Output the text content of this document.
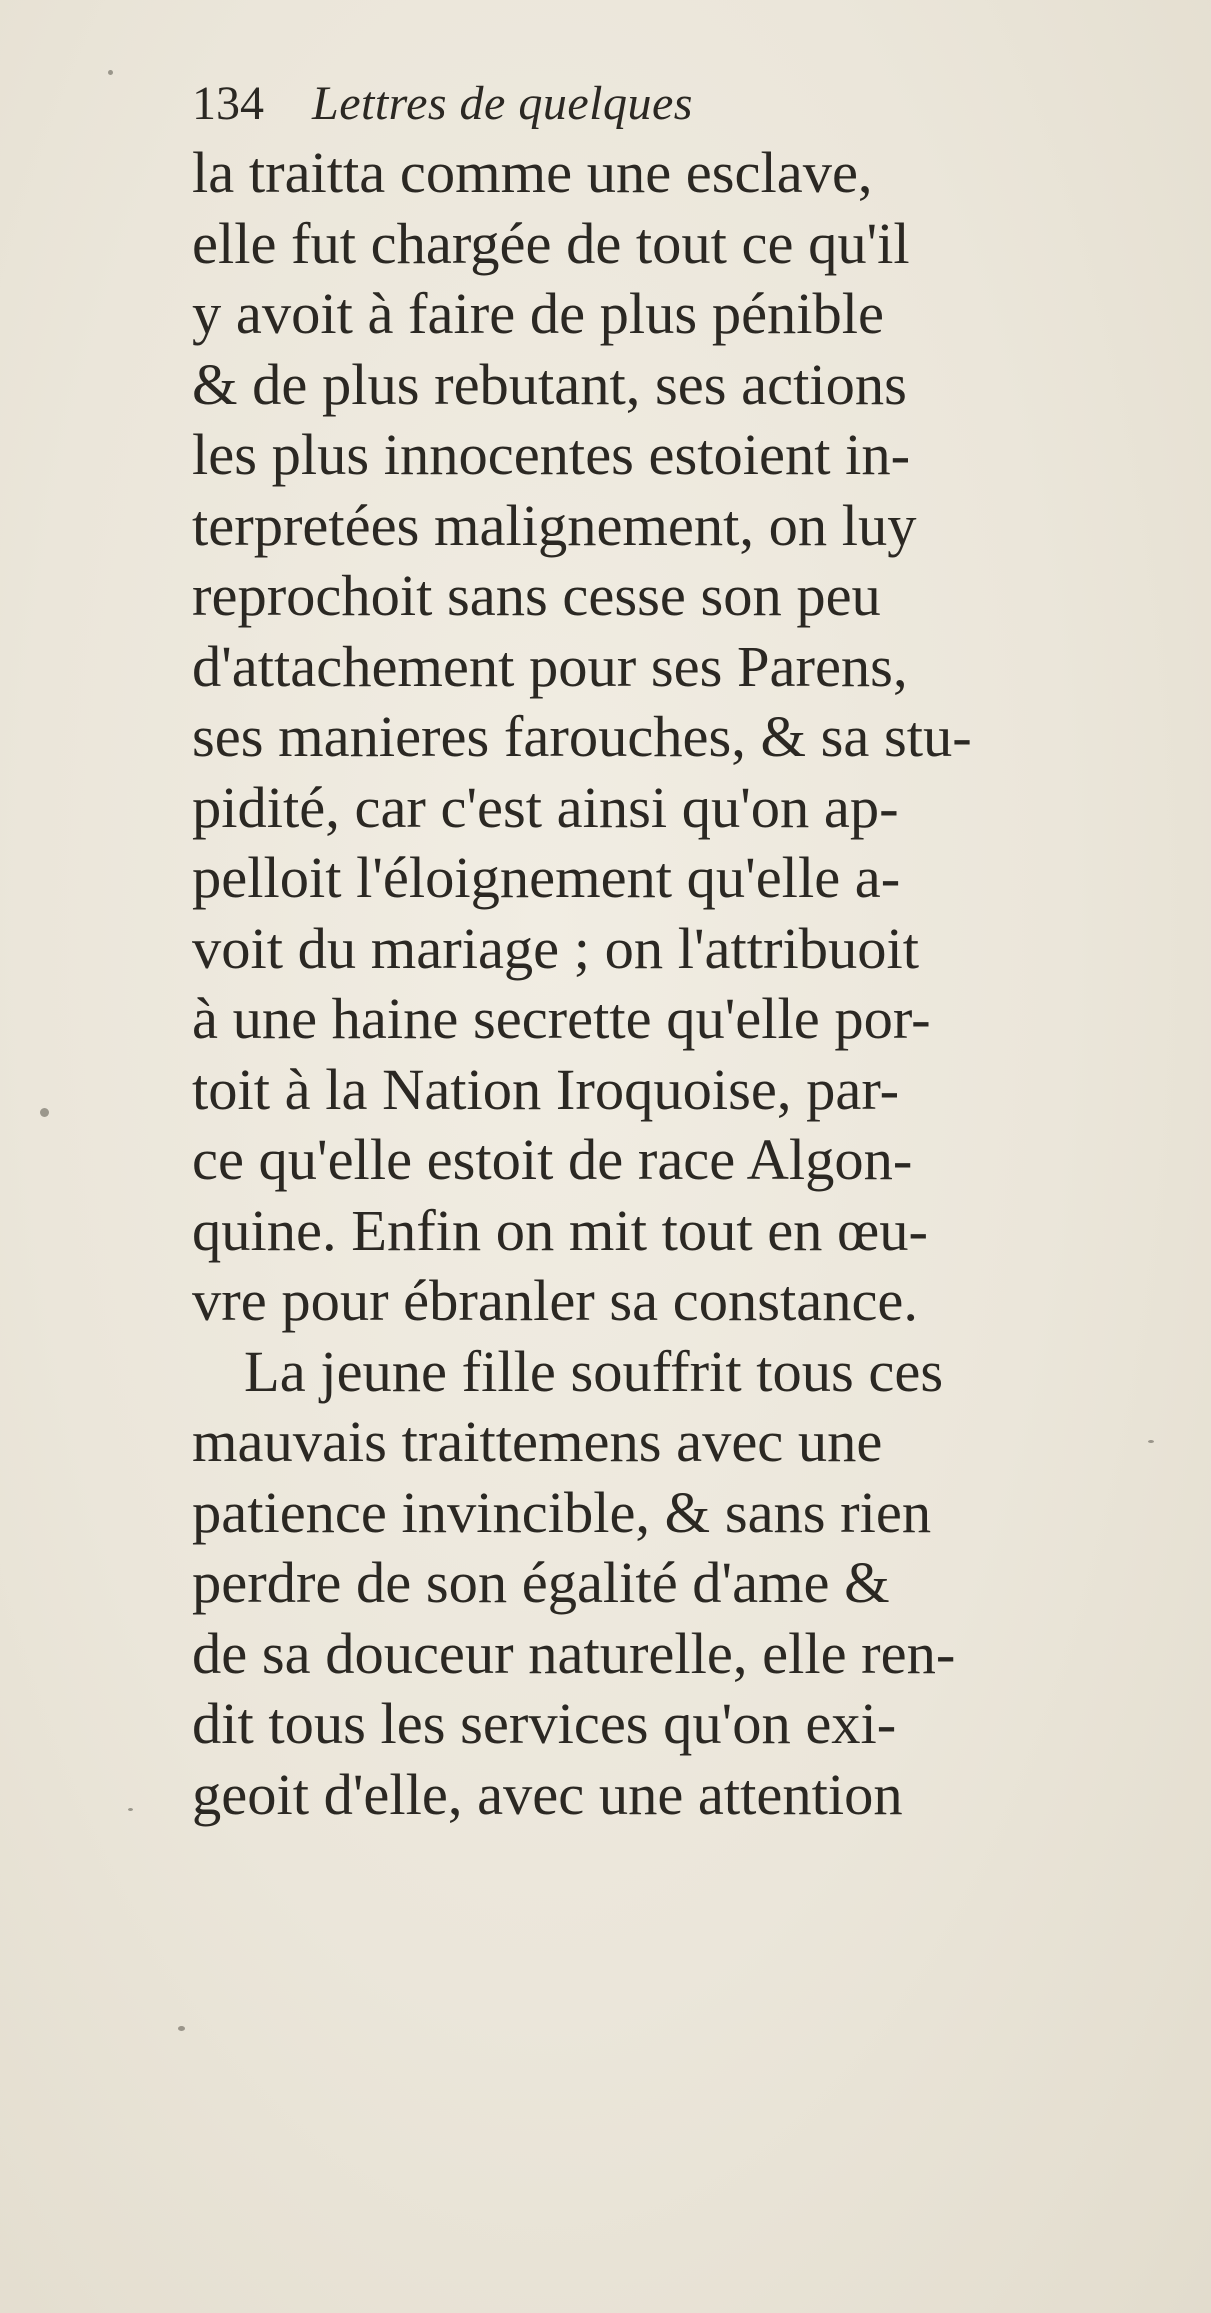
134 Lettres de quelques
la traitta comme une esclave,
elle fut chargée de tout ce qu'il
y avoit à faire de plus pénible
& de plus rebutant, ses actions
les plus innocentes estoient in-
terpretées malignement, on luy
reprochoit sans cesse son peu
d'attachement pour ses Parens,
ses manieres farouches, & sa stu-
pidité, car c'est ainsi qu'on ap-
pelloit l'éloignement qu'elle a-
voit du mariage ; on l'attribuoit
à une haine secrette qu'elle por-
toit à la Nation Iroquoise, par-
ce qu'elle estoit de race Algon-
quine. Enfin on mit tout en œu-
vre pour ébranler sa constance.
La jeune fille souffrit tous ces
mauvais traittemens avec une
patience invincible, & sans rien
perdre de son égalité d'ame &
de sa douceur naturelle, elle ren-
dit tous les services qu'on exi-
geoit d'elle, avec une attention
